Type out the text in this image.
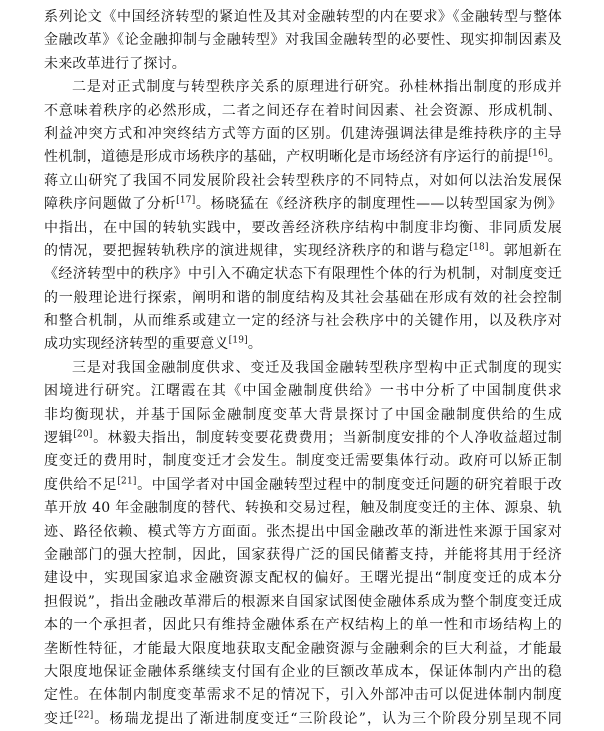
系列论文《中国经济转型的紧迫性及其对金融转型的内在要求》《金融转型与整体
金融改革》《论金融抑制与金融转型》对我国金融转型的必要性、现实抑制因素及
未来改革进行了探讨。
二是对正式制度与转型秩序关系的原理进行研究。孙桂林指出制度的形成并
不意味着秩序的必然形成，二者之间还存在着时间因素、社会资源、形成机制、
利益冲突方式和冲突终结方式等方面的区别。仉建涛强调法律是维持秩序的主导
性机制，道德是形成市场秩序的基础，产权明晰化是市场经济有序运行的前提[16]。
蒋立山研究了我国不同发展阶段社会转型秩序的不同特点，对如何以法治发展保
障秩序问题做了分析[17]。杨晓猛在《经济秩序的制度理性——以转型国家为例》
中指出，在中国的转轨实践中，要改善经济秩序结构中制度非均衡、非同质发展
的情况，要把握转轨秩序的演进规律，实现经济秩序的和谐与稳定[18]。郭旭新在
《经济转型中的秩序》中引入不确定状态下有限理性个体的行为机制，对制度变迁
的一般理论进行探索，阐明和谐的制度结构及其社会基础在形成有效的社会控制
和整合机制，从而维系或建立一定的经济与社会秩序中的关键作用，以及秩序对
成功实现经济转型的重要意义[19]。
三是对我国金融制度供求、变迁及我国金融转型秩序型构中正式制度的现实
困境进行研究。江曙霞在其《中国金融制度供给》一书中分析了中国制度供求
非均衡现状，并基于国际金融制度变革大背景探讨了中国金融制度供给的生成
逻辑[20]。林毅夫指出，制度转变要花费费用；当新制度安排的个人净收益超过制
度变迁的费用时，制度变迁才会发生。制度变迁需要集体行动。政府可以矫正制
度供给不足[21]。中国学者对中国金融转型过程中的制度变迁问题的研究着眼于改
革开放 40 年金融制度的替代、转换和交易过程，触及制度变迁的主体、源泉、轨
迹、路径依赖、模式等方方面面。张杰提出中国金融改革的渐进性来源于国家对
金融部门的强大控制，因此，国家获得广泛的国民储蓄支持，并能将其用于经济
建设中，实现国家追求金融资源支配权的偏好。王曙光提出“制度变迁的成本分
担假说”，指出金融改革滞后的根源来自国家试图使金融体系成为整个制度变迁成
本的一个承担者，因此只有维持金融体系在产权结构上的单一性和市场结构上的
垄断性特征，才能最大限度地获取支配金融资源与金融剩余的巨大利益，才能最
大限度地保证金融体系继续支付国有企业的巨额改革成本，保证体制内产出的稳
定性。在体制内制度变革需求不足的情况下，引入外部冲击可以促进体制内制度
变迁[22]。杨瑞龙提出了渐进制度变迁“三阶段论”，认为三个阶段分别呈现不同
